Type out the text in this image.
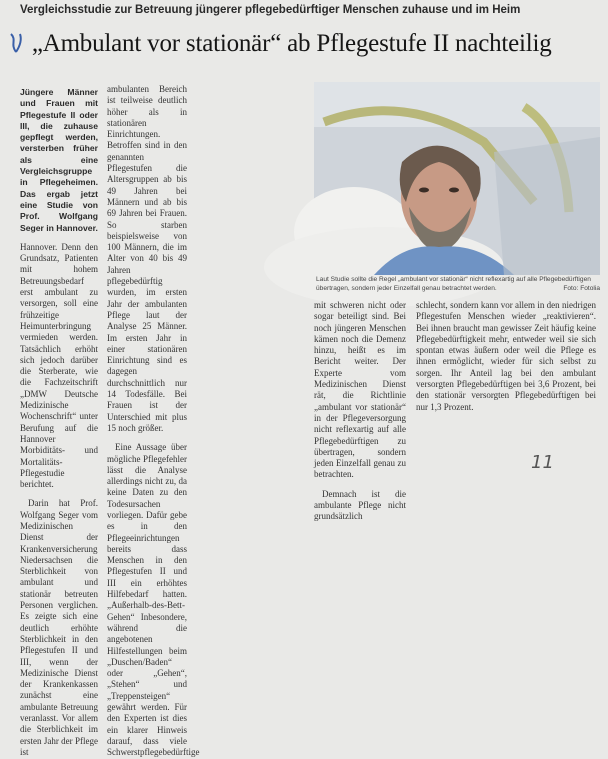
Vergleichsstudie zur Betreuung jüngerer pflegebedürftiger Menschen zuhause und im Heim
„Ambulant vor stationär“ ab Pflegestufe II nachteilig

Jüngere Männer und Frauen mit Pflegestufe II oder III, die zuhause gepflegt werden, versterben früher als eine Vergleichsgruppe in Pflegeheimen. Das ergab jetzt eine Studie von Prof. Wolfgang Seger in Hannover.

Hannover. Denn den Grundsatz, Patienten mit hohem Betreuungsbedarf erst ambulant zu versorgen, soll eine frühzeitige Heimunterbringung vermieden werden. Tatsächlich erhöht sich jedoch darüber die Sterberate, wie die Fachzeitschrift „DMW Deutsche Medizinische Wochenschrift“ unter Berufung auf die Hannover Morbiditäts- und Mortalitäts-Pflegestudie berichtet.

Darin hat Prof. Wolfgang Seger vom Medizinischen Dienst der Krankenversicherung Niedersachsen die Sterblichkeit von ambulant und stationär betreuten Personen verglichen. Es zeigte sich eine deutlich erhöhte Sterblichkeit in den Pflegestufen II und III, wenn der Medizinische Dienst der Krankenkassen zunächst eine ambulante Betreuung veranlasst. Vor allem die Sterblichkeit im ersten Jahr der Pflege ist

ambulanten Bereich ist teilweise deutlich höher als in stationären Einrichtungen. Betroffen sind in den genannten Pflegestufen die Altersgruppen ab bis 49 Jahren bei Männern und ab bis 69 Jahren bei Frauen. So starben beispielsweise von 100 Männern, die im Alter von 40 bis 49 Jahren pflegebedürftig wurden, im ersten Jahr der ambulanten Pflege laut der Analyse 25 Männer. Im ersten Jahr in einer stationären Einrichtung sind es dagegen durchschnittlich nur 14 Todesfälle. Bei Frauen ist der Unterschied mit plus 15 noch größer.

Eine Aussage über mögliche Pflegefehler lässt die Analyse allerdings nicht zu, da keine Daten zu den Todesursachen vorliegen. Dafür gebe es in den Pflegeeinrichtungen bereits dass Menschen in den Pflegestufen II und III ein erhöhtes Hilfebedarf hatten. „Außerhalb-des-Bett-Gehen“ Inbesondere, während die angebotenen Hilfestellungen beim „Duschen/Baden“ oder „Gehen“, „Stehen“ und „Treppensteigen“ gewährt werden. Für den Experten ist dies ein klarer Hinweis darauf, dass viele Schwerstpflegebedürftige

Laut Studie sollte die Regel „ambulant vor stationär“ nicht reflexartig auf alle Pflegebedürftigen übertragen, sondern jeder Einzelfall genau betrachtet werden.	Foto: Fotolia

mit schweren nicht oder sogar beteiligt sind. Bei noch jüngeren Menschen kämen noch die Demenz hinzu, heißt es im Bericht weiter. Der Experte vom Medizinischen Dienst rät, die Richtlinie „ambulant vor stationär“ in der Pflegeversorgung nicht reflexartig auf alle Pflegebedürftigen zu übertragen, sondern jeden Einzelfall genau zu betrachten.

Demnach ist die ambulante Pflege nicht grundsätzlich

schlecht, sondern kann vor allem in den niedrigen Pflegestufen Menschen wieder „reaktivieren“. Bei ihnen braucht man gewisser Zeit häufig keine Pflegebedürftigkeit mehr, entweder weil sie sich spontan etwas äußern oder weil die Pflege es ihnen ermöglicht, wieder für sich selbst zu sorgen. Ihr Anteil lag bei den ambulant versorgten Pflegebedürftigen bei 3,6 Prozent, bei den stationär versorgten Pflegebedürftigen bei nur 1,3 Prozent.

11
